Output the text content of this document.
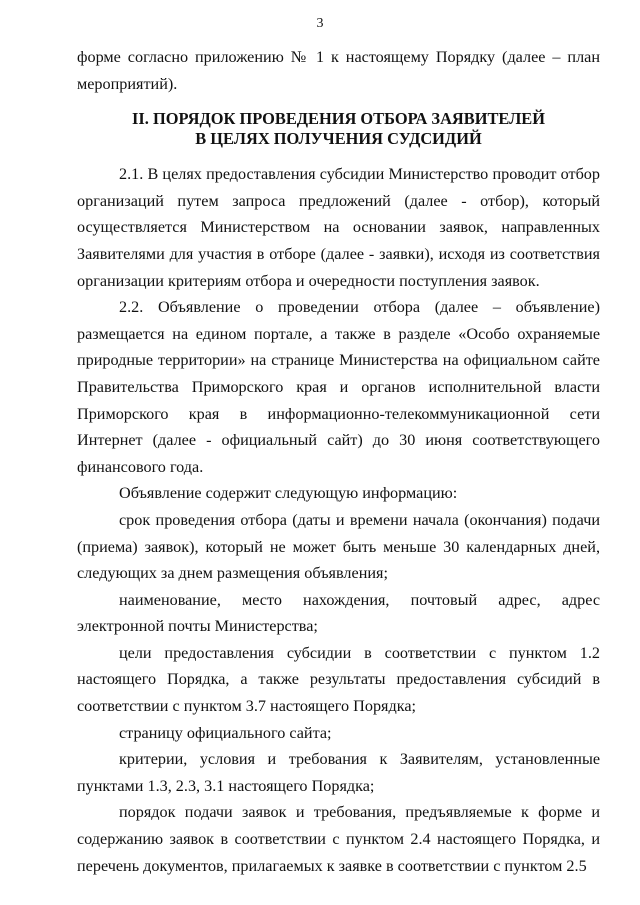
3

форме согласно приложению № 1 к настоящему Порядку (далее – план мероприятий).

II. ПОРЯДОК ПРОВЕДЕНИЯ ОТБОРА ЗАЯВИТЕЛЕЙ
В ЦЕЛЯХ ПОЛУЧЕНИЯ СУДСИДИЙ

2.1. В целях предоставления субсидии Министерство проводит отбор организаций путем запроса предложений (далее - отбор), который осуществляется Министерством на основании заявок, направленных Заявителями для участия в отборе (далее - заявки), исходя из соответствия организации критериям отбора и очередности поступления заявок.

2.2. Объявление о проведении отбора (далее – объявление) размещается на едином портале, а также в разделе «Особо охраняемые природные территории» на странице Министерства на официальном сайте Правительства Приморского края и органов исполнительной власти Приморского края в информационно-телекоммуникационной сети Интернет (далее - официальный сайт) до 30 июня соответствующего финансового года.

Объявление содержит следующую информацию:

срок проведения отбора (даты и времени начала (окончания) подачи (приема) заявок), который не может быть меньше 30 календарных дней, следующих за днем размещения объявления;

наименование, место нахождения, почтовый адрес, адрес электронной почты Министерства;

цели предоставления субсидии в соответствии с пунктом 1.2 настоящего Порядка, а также результаты предоставления субсидий в соответствии с пунктом 3.7 настоящего Порядка;

страницу официального сайта;

критерии, условия и требования к Заявителям, установленные пунктами 1.3, 2.3, 3.1 настоящего Порядка;

порядок подачи заявок и требования, предъявляемые к форме и содержанию заявок в соответствии с пунктом 2.4 настоящего Порядка, и перечень документов, прилагаемых к заявке в соответствии с пунктом 2.5
